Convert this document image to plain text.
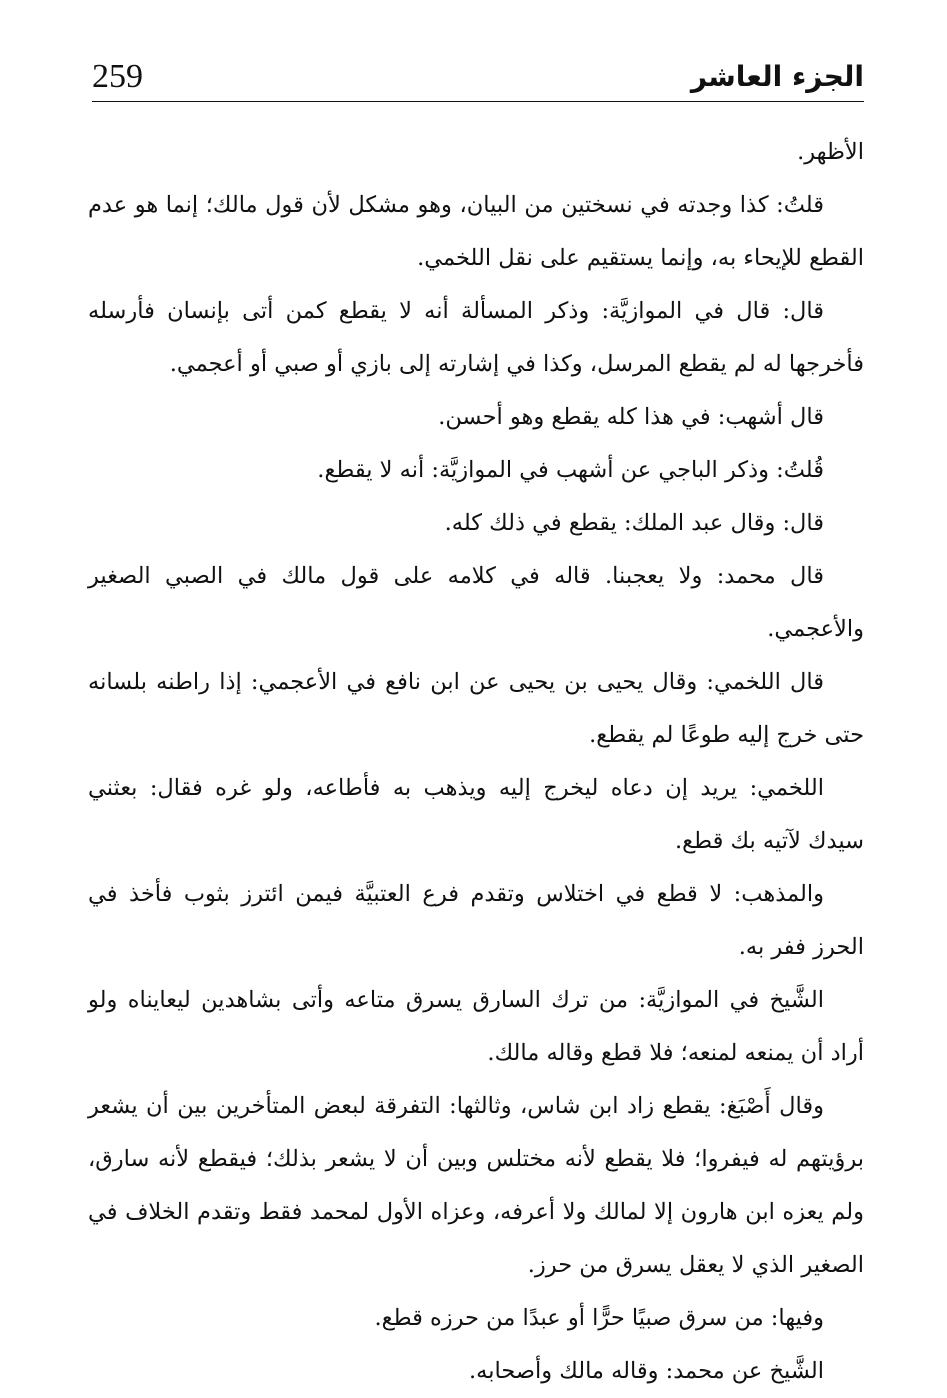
الجزء العاشر
259

الأظهر.

قلتُ: كذا وجدته في نسختين من البيان، وهو مشكل لأن قول مالك؛ إنما هو عدم القطع للإيحاء به، وإنما يستقيم على نقل اللخمي.

قال: قال في الموازيَّة: وذكر المسألة أنه لا يقطع كمن أتى بإنسان فأرسله فأخرجها له لم يقطع المرسل، وكذا في إشارته إلى بازي أو صبي أو أعجمي.

قال أشهب: في هذا كله يقطع وهو أحسن.

قُلتُ: وذكر الباجي عن أشهب في الموازيَّة: أنه لا يقطع.

قال: وقال عبد الملك: يقطع في ذلك كله.

قال محمد: ولا يعجبنا. قاله في كلامه على قول مالك في الصبي الصغير والأعجمي.

قال اللخمي: وقال يحيى بن يحيى عن ابن نافع في الأعجمي: إذا راطنه بلسانه حتى خرج إليه طوعًا لم يقطع.

اللخمي: يريد إن دعاه ليخرج إليه ويذهب به فأطاعه، ولو غره فقال: بعثني سيدك لآتيه بك قطع.

والمذهب: لا قطع في اختلاس وتقدم فرع العتبيَّة فيمن ائترز بثوب فأخذ في الحرز ففر به.

الشَّيخ في الموازيَّة: من ترك السارق يسرق متاعه وأتى بشاهدين ليعايناه ولو أراد أن يمنعه لمنعه؛ فلا قطع وقاله مالك.

وقال أَصْبَغ: يقطع زاد ابن شاس، وثالثها: التفرقة لبعض المتأخرين بين أن يشعر برؤيتهم له فيفروا؛ فلا يقطع لأنه مختلس وبين أن لا يشعر بذلك؛ فيقطع لأنه سارق، ولم يعزه ابن هارون إلا لمالك ولا أعرفه، وعزاه الأول لمحمد فقط وتقدم الخلاف في الصغير الذي لا يعقل يسرق من حرز.

وفيها: من سرق صبيًا حرًّا أو عبدًا من حرزه قطع.

الشَّيخ عن محمد: وقاله مالك وأصحابه.
